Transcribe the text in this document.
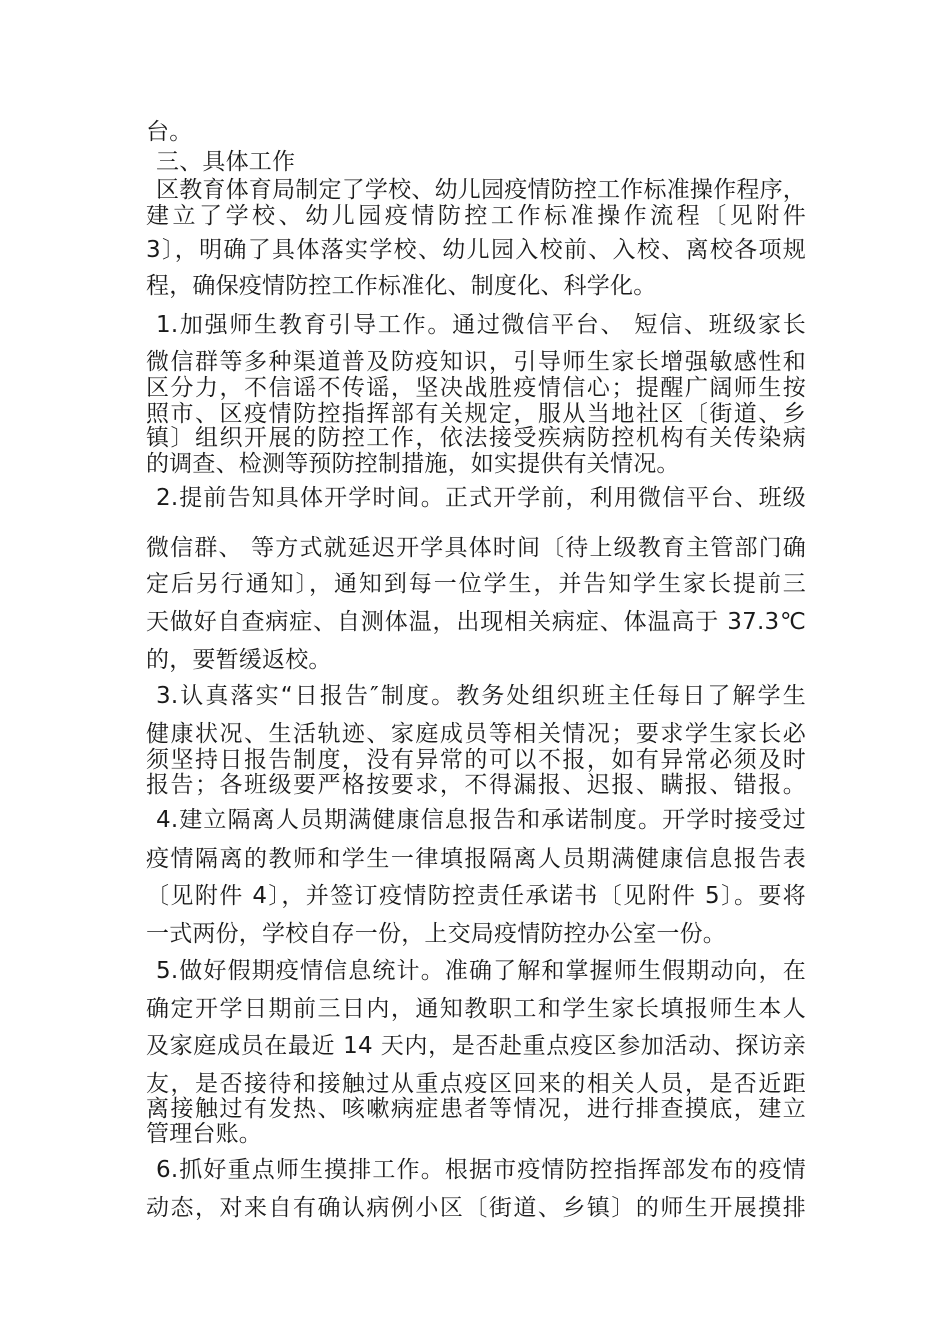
台。
三、具体工作
区教育体育局制定了学校、幼儿园疫情防控工作标准操作程序，
建立了学校、幼儿园疫情防控工作标准操作流程〔见附件
3〕，明确了具体落实学校、幼儿园入校前、入校、离校各项规
程，确保疫情防控工作标准化、制度化、科学化。
1.加强师生教育引导工作。通过微信平台、 短信、班级家长
微信群等多种渠道普及防疫知识，引导师生家长增强敏感性和
区分力，不信谣不传谣，坚决战胜疫情信心；提醒广阔师生按
照市、区疫情防控指挥部有关规定，服从当地社区〔街道、乡
镇〕组织开展的防控工作，依法接受疾病防控机构有关传染病
的调查、检测等预防控制措施，如实提供有关情况。
2.提前告知具体开学时间。正式开学前，利用微信平台、班级
微信群、 等方式就延迟开学具体时间〔待上级教育主管部门确
定后另行通知〕，通知到每一位学生，并告知学生家长提前三
天做好自查病症、自测体温，出现相关病症、体温高于 37.3℃
的，要暂缓返校。
3.认真落实“日报告″制度。教务处组织班主任每日了解学生
健康状况、生活轨迹、家庭成员等相关情况；要求学生家长必
须坚持日报告制度，没有异常的可以不报，如有异常必须及时
报告；各班级要严格按要求，不得漏报、迟报、瞒报、错报。
4.建立隔离人员期满健康信息报告和承诺制度。开学时接受过
疫情隔离的教师和学生一律填报隔离人员期满健康信息报告表
〔见附件 4〕，并签订疫情防控责任承诺书〔见附件 5〕。要将
一式两份，学校自存一份，上交局疫情防控办公室一份。
5.做好假期疫情信息统计。准确了解和掌握师生假期动向，在
确定开学日期前三日内，通知教职工和学生家长填报师生本人
及家庭成员在最近 14 天内，是否赴重点疫区参加活动、探访亲
友，是否接待和接触过从重点疫区回来的相关人员，是否近距
离接触过有发热、咳嗽病症患者等情况，进行排查摸底，建立
管理台账。
6.抓好重点师生摸排工作。根据市疫情防控指挥部发布的疫情
动态，对来自有确认病例小区〔街道、乡镇〕的师生开展摸排
